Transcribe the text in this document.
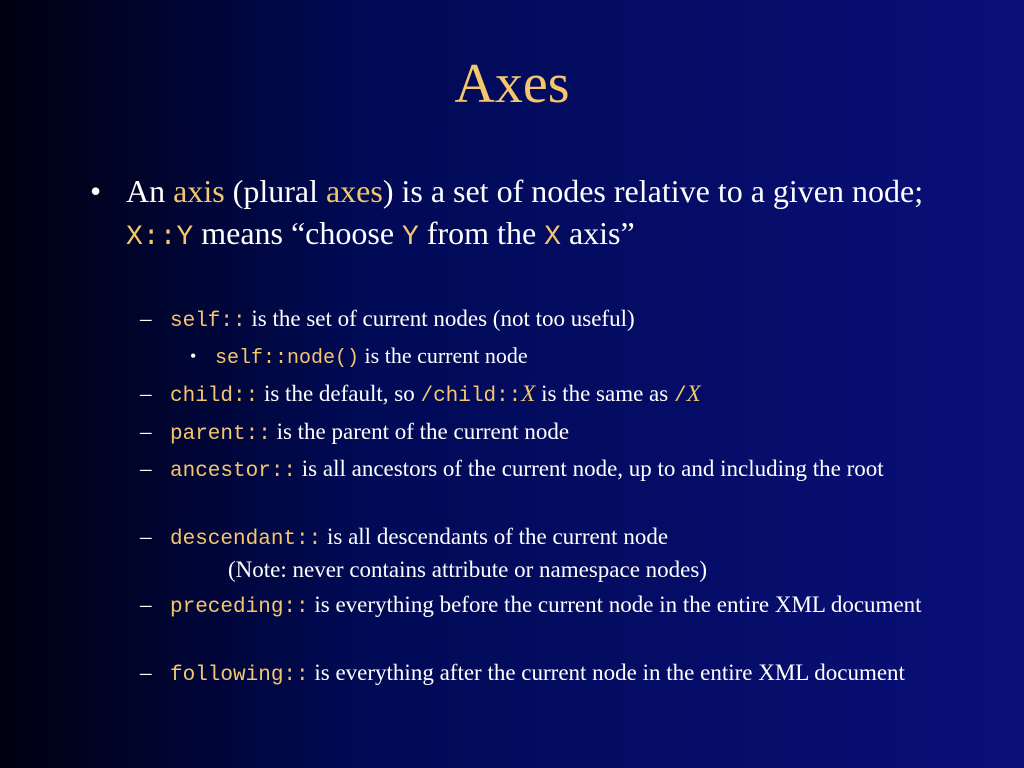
Axes
• An axis (plural axes) is a set of nodes relative to a given node; X::Y means “choose Y from the X axis”
– self:: is the set of current nodes (not too useful)
• self::node() is the current node
– child:: is the default, so /child::X is the same as /X
– parent:: is the parent of the current node
– ancestor:: is all ancestors of the current node, up to and including the root
– descendant:: is all descendants of the current node
(Note: never contains attribute or namespace nodes)
– preceding:: is everything before the current node in the entire XML document
– following:: is everything after the current node in the entire XML document
